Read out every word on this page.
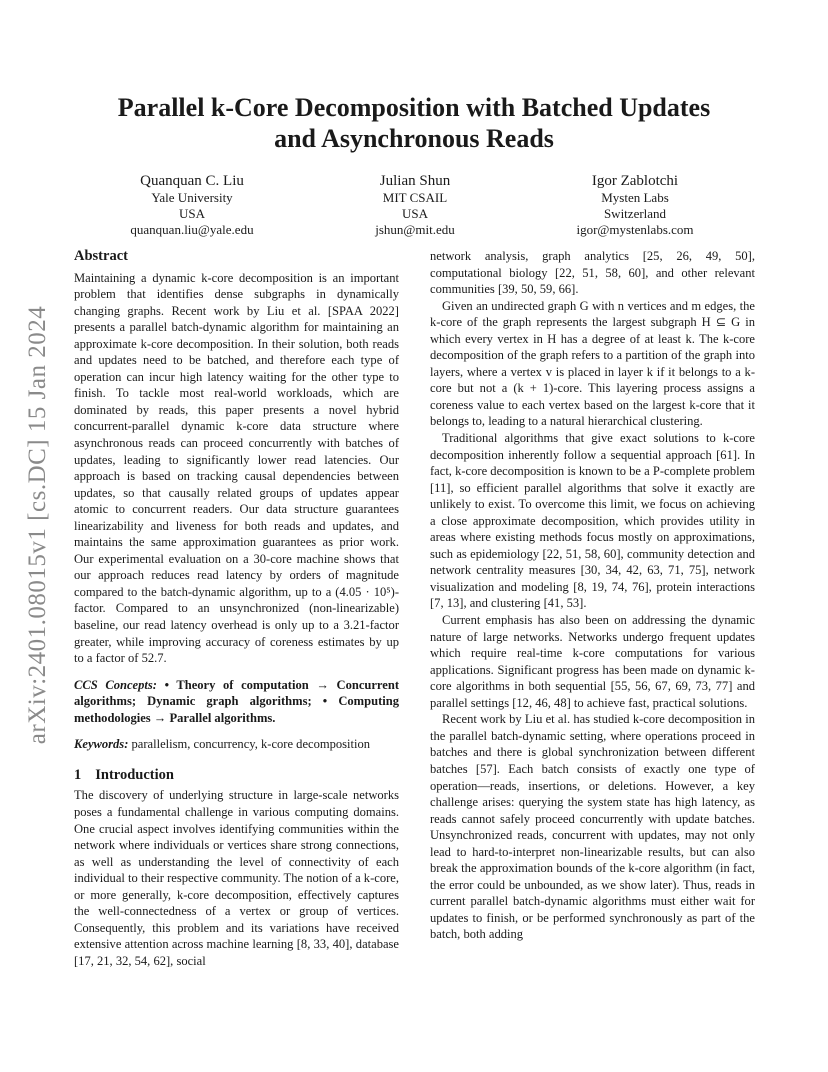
arXiv:2401.08015v1 [cs.DC] 15 Jan 2024
Parallel k-Core Decomposition with Batched Updates
and Asynchronous Reads
Quanquan C. Liu
Yale University
USA
quanquan.liu@yale.edu
Julian Shun
MIT CSAIL
USA
jshun@mit.edu
Igor Zablotchi
Mysten Labs
Switzerland
igor@mystenlabs.com
Abstract

Maintaining a dynamic k-core decomposition is an important problem that identifies dense subgraphs in dynamically changing graphs. Recent work by Liu et al. [SPAA 2022] presents a parallel batch-dynamic algorithm for maintaining an approximate k-core decomposition. In their solution, both reads and updates need to be batched, and therefore each type of operation can incur high latency waiting for the other type to finish. To tackle most real-world workloads, which are dominated by reads, this paper presents a novel hybrid concurrent-parallel dynamic k-core data structure where asynchronous reads can proceed concurrently with batches of updates, leading to significantly lower read latencies. Our approach is based on tracking causal dependencies between updates, so that causally related groups of updates appear atomic to concurrent readers. Our data structure guarantees linearizability and liveness for both reads and updates, and maintains the same approximation guarantees as prior work. Our experimental evaluation on a 30-core machine shows that our approach reduces read latency by orders of magnitude compared to the batch-dynamic algorithm, up to a (4.05 · 10⁵)-factor. Compared to an unsynchronized (non-linearizable) baseline, our read latency overhead is only up to a 3.21-factor greater, while improving accuracy of coreness estimates by up to a factor of 52.7.

CCS Concepts: • Theory of computation → Concurrent algorithms; Dynamic graph algorithms; • Computing methodologies → Parallel algorithms.

Keywords: parallelism, concurrency, k-core decomposition

1 Introduction

The discovery of underlying structure in large-scale networks poses a fundamental challenge in various computing domains. One crucial aspect involves identifying communities within the network where individuals or vertices share strong connections, as well as understanding the level of connectivity of each individual to their respective community. The notion of a k-core, or more generally, k-core decomposition, effectively captures the well-connectedness of a vertex or group of vertices. Consequently, this problem and its variations have received extensive attention across machine learning [8, 33, 40], database [17, 21, 32, 54, 62], social

network analysis, graph analytics [25, 26, 49, 50], computational biology [22, 51, 58, 60], and other relevant communities [39, 50, 59, 66].

Given an undirected graph G with n vertices and m edges, the k-core of the graph represents the largest subgraph H ⊆ G in which every vertex in H has a degree of at least k. The k-core decomposition of the graph refers to a partition of the graph into layers, where a vertex v is placed in layer k if it belongs to a k-core but not a (k + 1)-core. This layering process assigns a coreness value to each vertex based on the largest k-core that it belongs to, leading to a natural hierarchical clustering.

Traditional algorithms that give exact solutions to k-core decomposition inherently follow a sequential approach [61]. In fact, k-core decomposition is known to be a P-complete problem [11], so efficient parallel algorithms that solve it exactly are unlikely to exist. To overcome this limit, we focus on achieving a close approximate decomposition, which provides utility in areas where existing methods focus mostly on approximations, such as epidemiology [22, 51, 58, 60], community detection and network centrality measures [30, 34, 42, 63, 71, 75], network visualization and modeling [8, 19, 74, 76], protein interactions [7, 13], and clustering [41, 53].

Current emphasis has also been on addressing the dynamic nature of large networks. Networks undergo frequent updates which require real-time k-core computations for various applications. Significant progress has been made on dynamic k-core algorithms in both sequential [55, 56, 67, 69, 73, 77] and parallel settings [12, 46, 48] to achieve fast, practical solutions.

Recent work by Liu et al. has studied k-core decomposition in the parallel batch-dynamic setting, where operations proceed in batches and there is global synchronization between different batches [57]. Each batch consists of exactly one type of operation—reads, insertions, or deletions. However, a key challenge arises: querying the system state has high latency, as reads cannot safely proceed concurrently with update batches. Unsynchronized reads, concurrent with updates, may not only lead to hard-to-interpret non-linearizable results, but can also break the approximation bounds of the k-core algorithm (in fact, the error could be unbounded, as we show later). Thus, reads in current parallel batch-dynamic algorithms must either wait for updates to finish, or be performed synchronously as part of the batch, both adding
